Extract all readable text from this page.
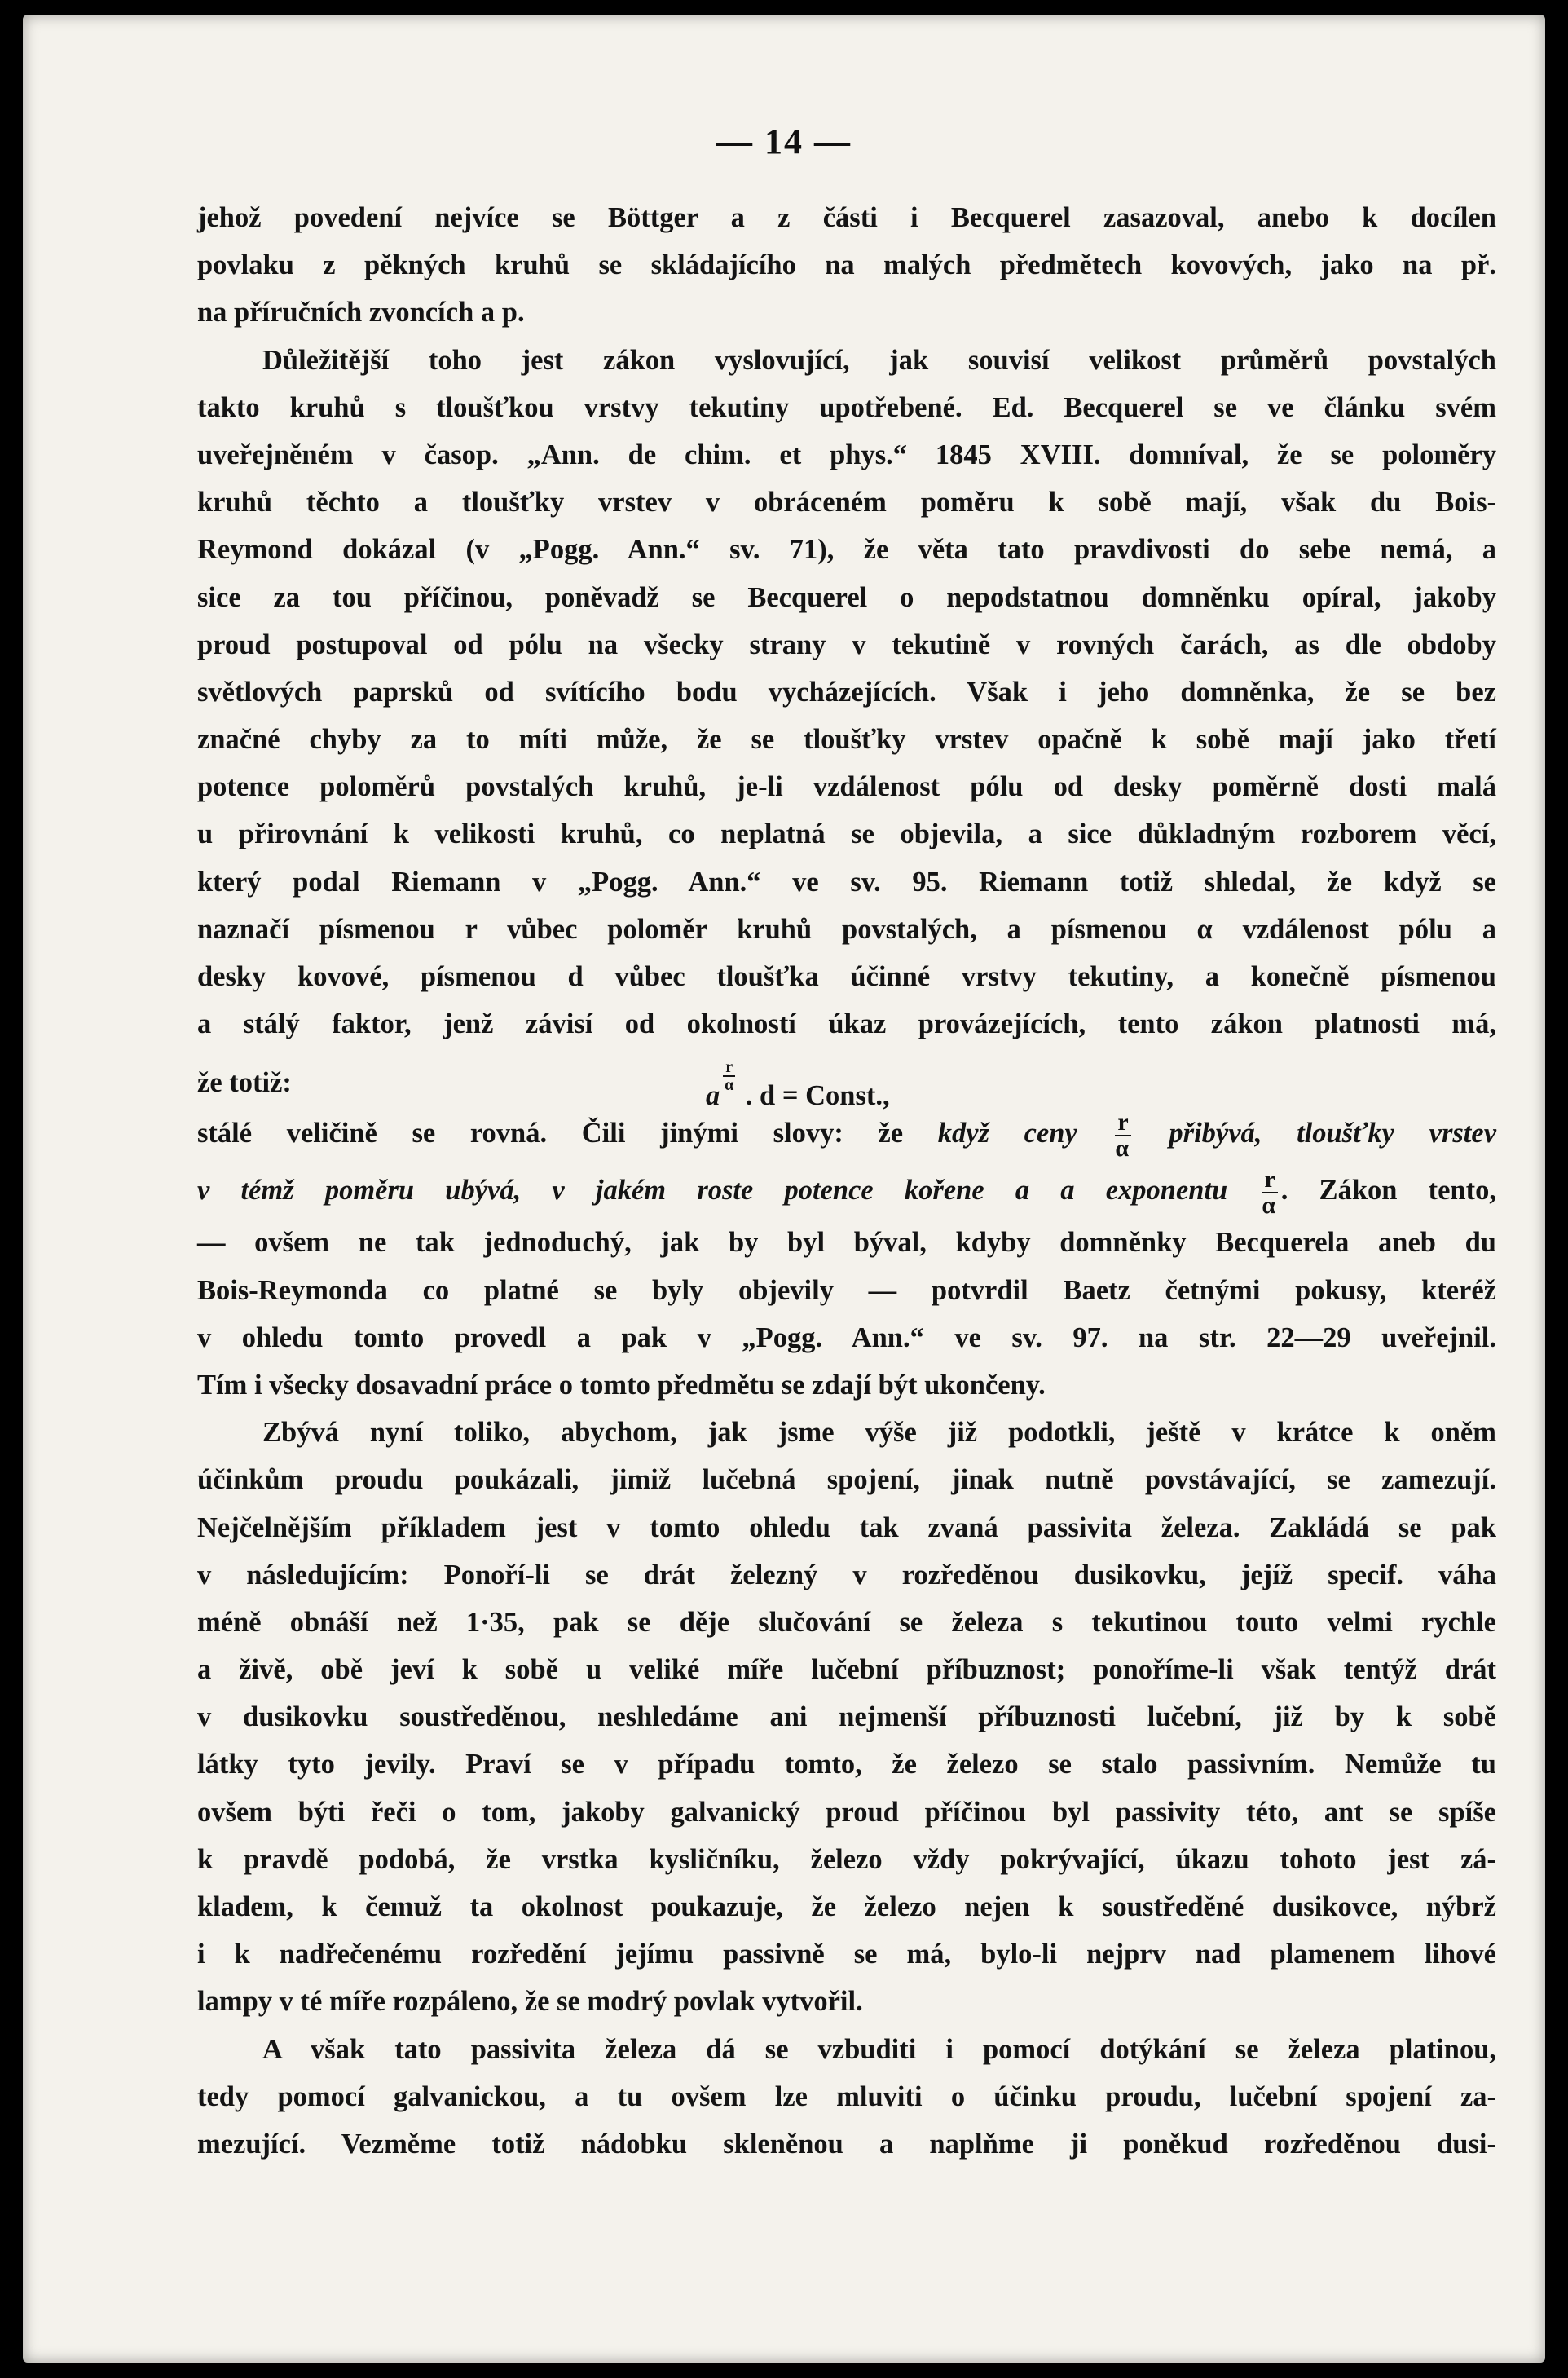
— 14 —
jehož povedení nejvíce se Böttger a z části i Becquerel zasazoval, anebo k docílen
povlaku z pěkných kruhů se skládajícího na malých předmětech kovových, jako na př.
na příručních zvoncích a p.
Důležitější toho jest zákon vyslovující, jak souvisí velikost průměrů povstalých
takto kruhů s tloušťkou vrstvy tekutiny upotřebené. Ed. Becquerel se ve článku svém
uveřejněném v časop. „Ann. de chim. et phys.“ 1845 XVIII. domníval, že se poloměry
kruhů těchto a tloušťky vrstev v obráceném poměru k sobě mají, však du Bois-
Reymond dokázal (v „Pogg. Ann.“ sv. 71), že věta tato pravdivosti do sebe nemá, a
sice za tou příčinou, poněvadž se Becquerel o nepodstatnou domněnku opíral, jakoby
proud postupoval od pólu na všecky strany v tekutině v rovných čarách, as dle obdoby
světlových paprsků od svítícího bodu vycházejících. Však i jeho domněnka, že se bez
značné chyby za to míti může, že se tloušťky vrstev opačně k sobě mají jako třetí
potence poloměrů povstalých kruhů, je-li vzdálenost pólu od desky poměrně dosti malá
u přirovnání k velikosti kruhů, co neplatná se objevila, a sice důkladným rozborem věcí,
který podal Riemann v „Pogg. Ann.“ ve sv. 95. Riemann totiž shledal, že když se
naznačí písmenou r vůbec poloměr kruhů povstalých, a písmenou α vzdálenost pólu a
desky kovové, písmenou d vůbec tloušťka účinné vrstvy tekutiny, a konečně písmenou
a stálý faktor, jenž závisí od okolností úkaz provázejících, tento zákon platnosti má,
že totiž:	a
$\frac{r}{\alpha}$
. d = Const.,
stálé veličině se rovná. Čili jinými slovy: že když ceny $\frac{r}{\alpha}$ přibývá, tloušťky vrstev
v témž poměru ubývá, v jakém roste potence kořene a a exponentu $\frac{r}{\alpha}$ . Zákon tento,
— ovšem ne tak jednoduchý, jak by byl býval, kdyby domněnky Becquerela aneb du
Bois-Reymonda co platné se byly objevily — potvrdil Baetz četnými pokusy, kteréž
v ohledu tomto provedl a pak v „Pogg. Ann.“ ve sv. 97. na str. 22—29 uveřejnil.
Tím i všecky dosavadní práce o tomto předmětu se zdají být ukončeny.
Zbývá nyní toliko, abychom, jak jsme výše již podotkli, ještě v krátce k oněm
účinkům proudu poukázali, jimiž lučebná spojení, jinak nutně povstávající, se zamezují.
Nejčelnějším příkladem jest v tomto ohledu tak zvaná passivita železa. Zakládá se pak
v následujícím: Ponoří-li se drát železný v rozředěnou dusikovku, jejíž specif. váha
méně obnáší než 1·35, pak se děje slučování se železa s tekutinou touto velmi rychle
a živě, obě jeví k sobě u veliké míře lučební příbuznost; ponoříme-li však tentýž drát
v dusikovku soustředěnou, neshledáme ani nejmenší příbuznosti lučební, již by k sobě
látky tyto jevily. Praví se v případu tomto, že železo se stalo passivním. Nemůže tu
ovšem býti řeči o tom, jakoby galvanický proud příčinou byl passivity této, ant se spíše
k pravdě podobá, že vrstka kysličníku, železo vždy pokrývající, úkazu tohoto jest zá-
kladem, k čemuž ta okolnost poukazuje, že železo nejen k soustředěné dusikovce, nýbrž
i k nadřečenému rozředění jejímu passivně se má, bylo-li nejprv nad plamenem lihové
lampy v té míře rozpáleno, že se modrý povlak vytvořil.
A však tato passivita železa dá se vzbuditi i pomocí dotýkání se železa platinou,
tedy pomocí galvanickou, a tu ovšem lze mluviti o účinku proudu, lučební spojení za-
mezující. Vezměme totiž nádobku skleněnou a naplňme ji poněkud rozředěnou dusi-
